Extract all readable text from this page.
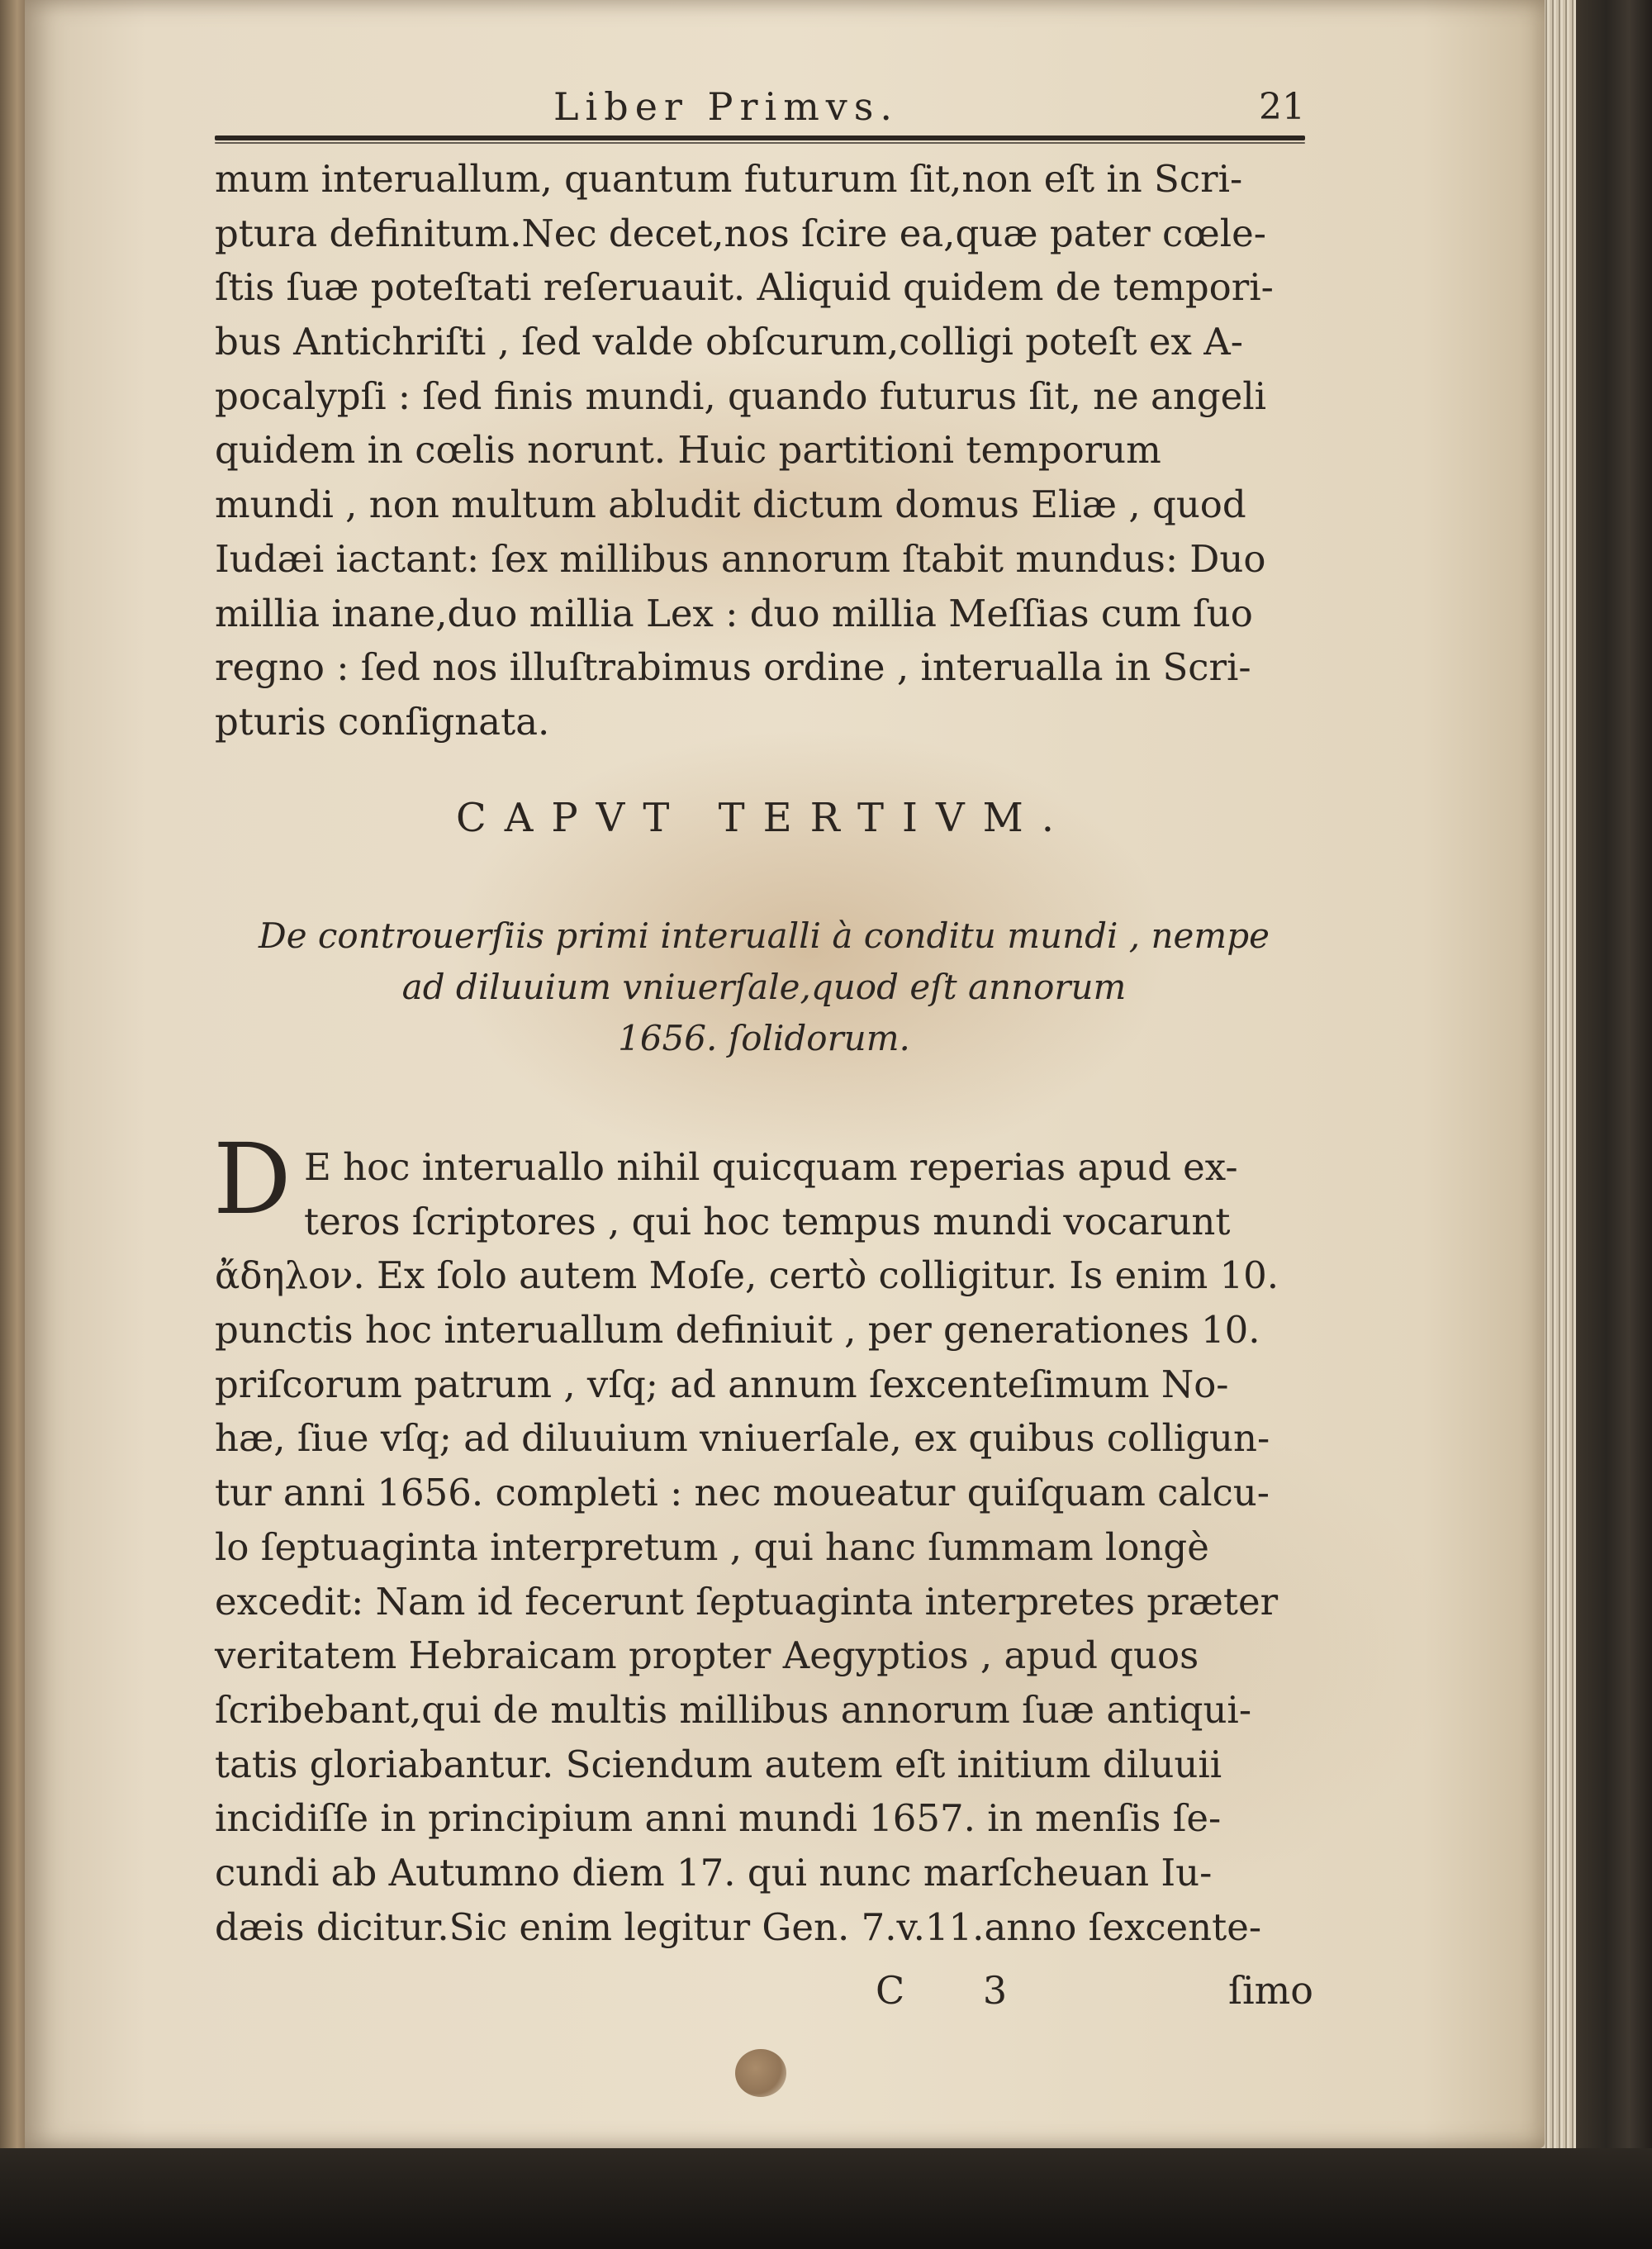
Liber Primvs.	21
mum interuallum, quantum futurum ſit,non eſt in Scri-
ptura definitum.Nec decet,nos ſcire ea,quæ pater cœle-
ſtis ſuæ poteſtati reſeruauit. Aliquid quidem de tempori-
bus Antichriſti , ſed valde obſcurum,colligi poteſt ex A-
pocalypſi : ſed finis mundi, quando futurus ſit, ne angeli
quidem in cœlis norunt. Huic partitioni temporum
mundi , non multum abludit dictum domus Eliæ , quod
Iudæi iactant: ſex millibus annorum ſtabit mundus: Duo
millia inane,duo millia Lex : duo millia Meſſias cum ſuo
regno : ſed nos illuſtrabimus ordine , interualla in Scri-
pturis conſignata.
CAPVT TERTIVM.
De controuerſiis primi interualli à conditu mundi , nempe
ad diluuium vniuerſale,quod eſt annorum
1656. ſolidorum.
D E hoc interuallo nihil quicquam reperias apud ex-
teros ſcriptores , qui hoc tempus mundi vocarunt
ἄδηλον. Ex ſolo autem Moſe, certò colligitur. Is enim 10.
punctis hoc interuallum definiuit , per generationes 10.
priſcorum patrum , vſq; ad annum ſexcenteſimum No-
hæ, ſiue vſq; ad diluuium vniuerſale, ex quibus colligun-
tur anni 1656. completi : nec moueatur quiſquam calcu-
lo ſeptuaginta interpretum , qui hanc ſummam longè
excedit: Nam id fecerunt ſeptuaginta interpretes præter
veritatem Hebraicam propter Aegyptios , apud quos
ſcribebant,qui de multis millibus annorum ſuæ antiqui-
tatis gloriabantur. Sciendum autem eſt initium diluuii
incidiſſe in principium anni mundi 1657. in menſis ſe-
cundi ab Autumno diem 17. qui nunc marſcheuan Iu-
dæis dicitur.Sic enim legitur Gen. 7.v.11.anno ſexcente-
C 3	ſimo
